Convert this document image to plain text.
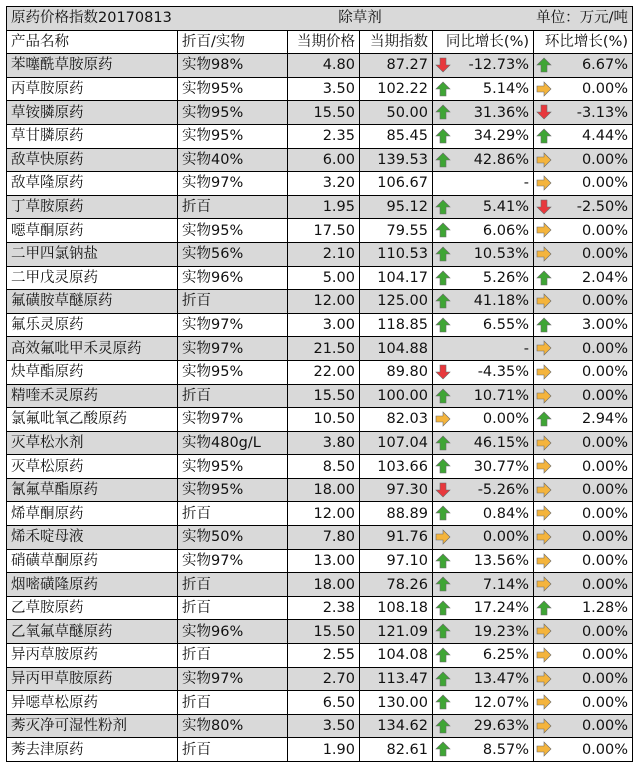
原药价格指数20170813		除草剂		单位：万元/吨	
产品名称	折百/实物	当期价格	当期指数	同比增长(%)	环比增长(%)
苯噻酰草胺原药	实物98%	4.80	87.27	-12.73%	6.67%
丙草胺原药	实物95%	3.50	102.22	5.14%	0.00%
草铵膦原药	实物95%	15.50	50.00	31.36%	-3.13%
草甘膦原药	实物95%	2.35	85.45	34.29%	4.44%
敌草快原药	实物40%	6.00	139.53	42.86%	0.00%
敌草隆原药	实物97%	3.20	106.67	-	0.00%
丁草胺原药	折百	1.95	95.12	5.41%	-2.50%
噁草酮原药	实物95%	17.50	79.55	6.06%	0.00%
二甲四氯钠盐	实物56%	2.10	110.53	10.53%	0.00%
二甲戊灵原药	实物96%	5.00	104.17	5.26%	2.04%
氟磺胺草醚原药	折百	12.00	125.00	41.18%	0.00%
氟乐灵原药	实物97%	3.00	118.85	6.55%	3.00%
高效氟吡甲禾灵原药	实物97%	21.50	104.88	-	0.00%
炔草酯原药	实物95%	22.00	89.80	-4.35%	0.00%
精喹禾灵原药	折百	15.50	100.00	10.71%	0.00%
氯氟吡氧乙酸原药	实物97%	10.50	82.03	0.00%	2.94%
灭草松水剂	实物480g/L	3.80	107.04	46.15%	0.00%
灭草松原药	实物95%	8.50	103.66	30.77%	0.00%
氰氟草酯原药	实物95%	18.00	97.30	-5.26%	0.00%
烯草酮原药	折百	12.00	88.89	0.84%	0.00%
烯禾啶母液	实物50%	7.80	91.76	0.00%	0.00%
硝磺草酮原药	实物97%	13.00	97.10	13.56%	0.00%
烟嘧磺隆原药	折百	18.00	78.26	7.14%	0.00%
乙草胺原药	折百	2.38	108.18	17.24%	1.28%
乙氧氟草醚原药	实物96%	15.50	121.09	19.23%	0.00%
异丙草胺原药	折百	2.55	104.08	6.25%	0.00%
异丙甲草胺原药	实物97%	2.70	113.47	13.47%	0.00%
异噁草松原药	折百	6.50	130.00	12.07%	0.00%
莠灭净可湿性粉剂	实物80%	3.50	134.62	29.63%	0.00%
莠去津原药	折百	1.90	82.61	8.57%	0.00%
